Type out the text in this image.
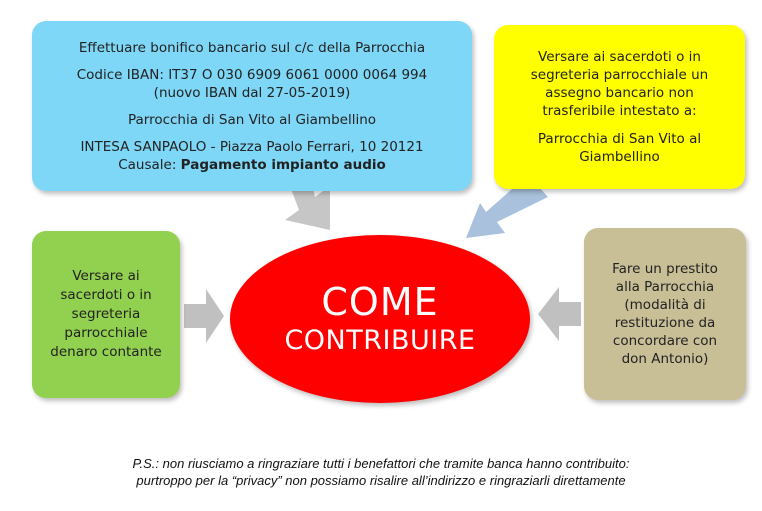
Effettuare bonifico bancario sul c/c della Parrocchia

Codice IBAN: IT37 O 030 6909 6061 0000 0064 994

(nuovo IBAN dal 27-05-2019)

Parrocchia di San Vito al Giambellino

INTESA SANPAOLO - Piazza Paolo Ferrari, 10 20121

Causale: Pagamento impianto audio

Versare ai sacerdoti o in segreteria parrocchiale un assegno bancario non trasferibile intestato a:

Parrocchia di San Vito al Giambellino

Versare ai
sacerdoti o in
segreteria
parrocchiale
denaro contante
Fare un prestito
alla Parrocchia
(modalità di
restituzione da
concordare con
don Antonio)
COME
CONTRIBUIRE

P.S.: non riusciamo a ringraziare tutti i benefattori che tramite banca hanno contribuito:

purtroppo per la “privacy” non possiamo risalire all’indirizzo e ringraziarli direttamente
